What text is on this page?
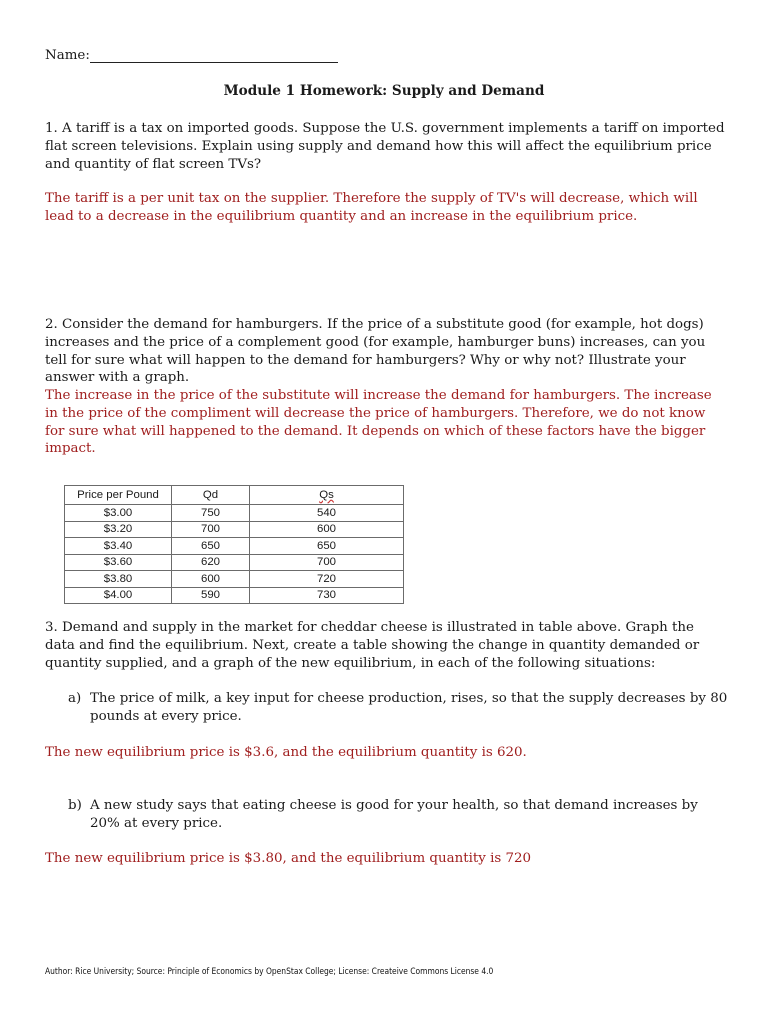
Name:
Module 1 Homework: Supply and Demand
1. A tariff is a tax on imported goods. Suppose the U.S. government implements a tariff on imported flat screen televisions. Explain using supply and demand how this will affect the equilibrium price and quantity of flat screen TVs?
The tariff is a per unit tax on the supplier. Therefore the supply of TV's will decrease, which will lead to a decrease in the equilibrium quantity and an increase in the equilibrium price.
2. Consider the demand for hamburgers. If the price of a substitute good (for example, hot dogs) increases and the price of a complement good (for example, hamburger buns) increases, can you tell for sure what will happen to the demand for hamburgers? Why or why not? Illustrate your answer with a graph.
The increase in the price of the substitute will increase the demand for hamburgers. The increase in the price of the compliment will decrease the price of hamburgers. Therefore, we do not know for sure what will happened to the demand. It depends on which of these factors have the bigger impact.
Price per Pound	Qd	Qs
$3.00	750	540
$3.20	700	600
$3.40	650	650
$3.60	620	700
$3.80	600	720
$4.00	590	730
3. Demand and supply in the market for cheddar cheese is illustrated in table above. Graph the data and find the equilibrium. Next, create a table showing the change in quantity demanded or quantity supplied, and a graph of the new equilibrium, in each of the following situations:
a) The price of milk, a key input for cheese production, rises, so that the supply decreases by 80 pounds at every price.
The new equilibrium price is $3.6, and the equilibrium quantity is 620.
b) A new study says that eating cheese is good for your health, so that demand increases by 20% at every price.
The new equilibrium price is $3.80, and the equilibrium quantity is 720
Author: Rice University; Source: Principle of Economics by OpenStax College; License: Createive Commons License 4.0
